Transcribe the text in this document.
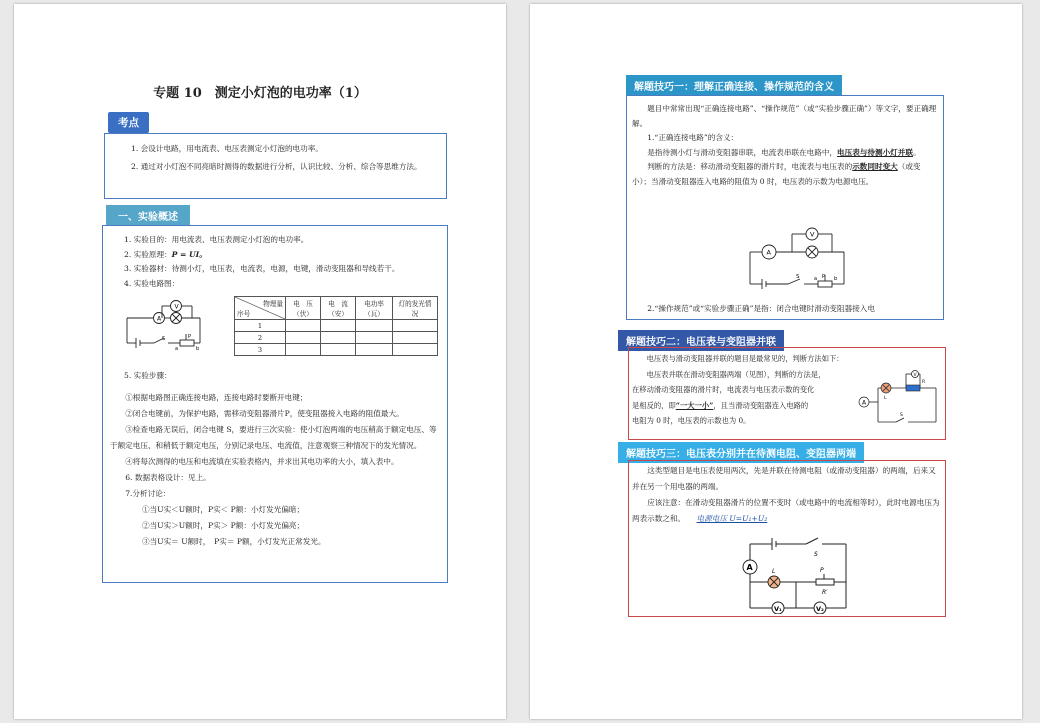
专题 10　测定小灯泡的电功率（1）
考点

1. 会设计电路，用电流表、电压表测定小灯泡的电功率。

2. 通过对小灯泡不同亮暗时测得的数据进行分析，认识比较、分析、综合等思维方法。

一、实验概述

1. 实验目的：用电流表、电压表测定小灯泡的电功率。

2. 实验原理：P = UI。

3. 实验器材：待测小灯，电压表，电流表，电源，电键，滑动变阻器和导线若干。

4. 实验电路图：

V
A
S
a
P
b
物理量
序号	电　压（伏）	电　流（安）	电功率（瓦）	灯的发光情　况
1				
2				
3				

5. 实验步骤：

①根据电路图正确连接电路，连接电路时要断开电键；

②闭合电键前，为保护电路，需移动变阻器滑片P，使变阻器接入电路的阻值最大。

③检查电路无误后，闭合电键 S，要进行三次实验：使小灯泡两端的电压稍高于额定电压、等于额定电压、和稍低于额定电压，分别记录电压、电流值，注意观察三种情况下的发光情况。

④将每次测得的电压和电流填在实验表格内，并求出其电功率的大小，填入表中。

6. 数据表格设计：见上。

7.分析讨论：

①当U实＜U额时，P实＜ P额：小灯发光偏暗；

②当U实＞U额时，P实＞ P额：小灯发光偏亮；

③当U实＝ U额时，　P实＝ P额，小灯发光正常发光。

解题技巧一：理解正确连接、操作规范的含义

题目中常常出现“正确连接电路”、“操作规范”（或“实验步骤正确”）等文字，要正确理解。

1.“正确连接电路”的含义：

是指待测小灯与滑动变阻器串联，电流表串联在电路中，电压表与待测小灯并联。

判断的方法是：移动滑动变阻器的滑片时，电流表与电压表的示数同时变大（或变小）；当滑动变阻器连入电路的阻值为 0 时，电压表的示数为电源电压。

V
A
S	a P b

2.“操作规范”或“实验步骤正确”是指：闭合电键时滑动变阻器接入电

解题技巧二：电压表与变阻器并联

电压表与滑动变阻器并联的题目是最常见的，判断方法如下：

电压表并联在滑动变阻器两端（见图），判断的方法是，

在移动滑动变阻器的滑片时，电流表与电压表示数的变化

是相反的，即“一大一小”，且当滑动变阻器连入电路的

电阻为 0 时，电压表的示数也为 0。

A
V
L
S
R
解题技巧三：电压表分别并在待测电阻、变阻器两端

这类型题目是电压表使用两次，先是并联在待测电阻（或滑动变阻器）的两端，后来又并在另一个用电器的两端。

应该注意：在滑动变阻器滑片的位置不变时（或电路中的电流相等时），此时电源电压为两表示数之和。　　 电源电压 U=U₁+U₂

A
V₁	V₂
S
L	P
R′
